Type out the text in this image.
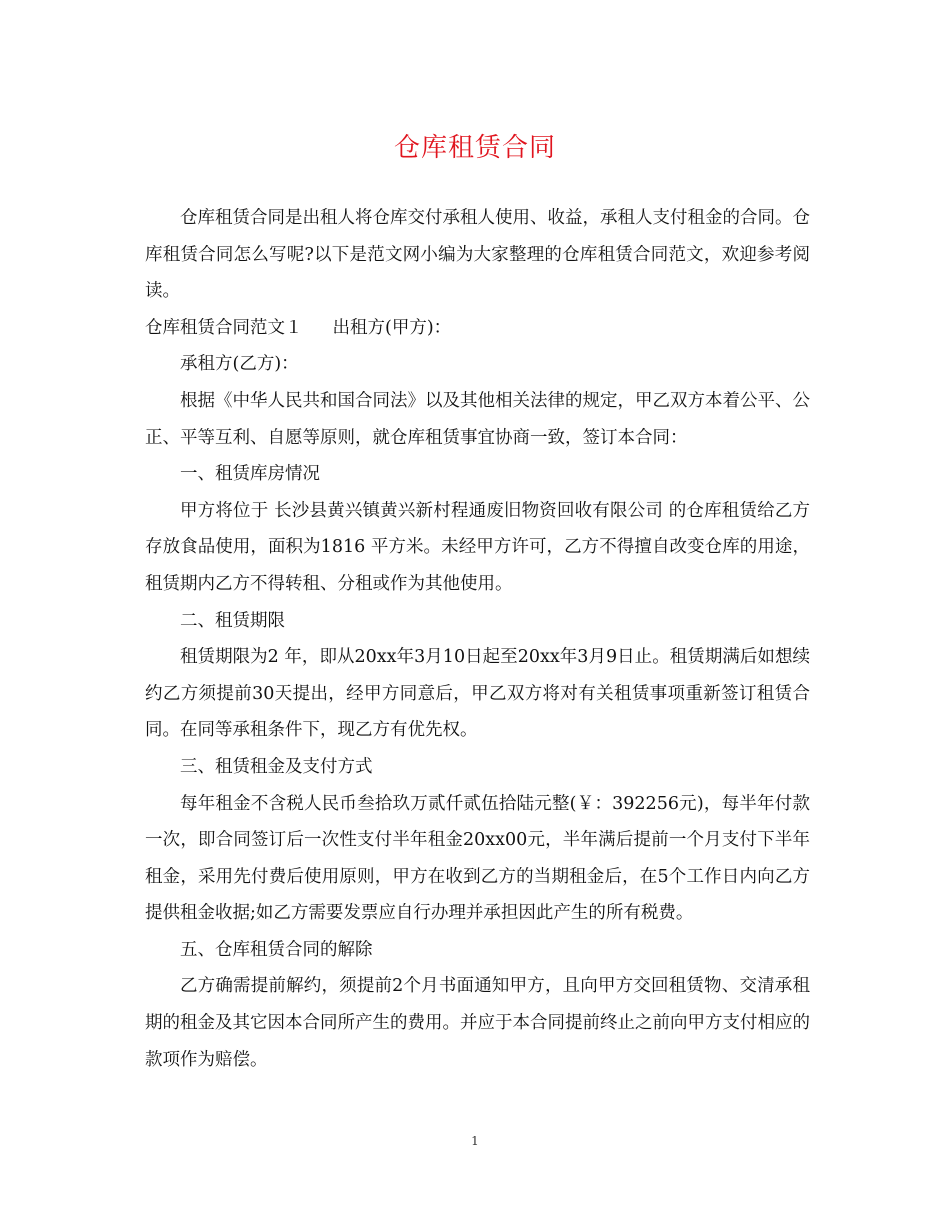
仓库租赁合同

仓库租赁合同是出租人将仓库交付承租人使用、收益，承租人支付租金的合同。仓库租赁合同怎么写呢?以下是范文网小编为大家整理的仓库租赁合同范文，欢迎参考阅读。

仓库租赁合同范文１ 出租方(甲方)：

承租方(乙方)：

根据《中华人民共和国合同法》以及其他相关法律的规定，甲乙双方本着公平、公正、平等互利、自愿等原则，就仓库租赁事宜协商一致，签订本合同：

一、租赁库房情况

甲方将位于 长沙县黄兴镇黄兴新村程通废旧物资回收有限公司 的仓库租赁给乙方存放食品使用，面积为1816 平方米。未经甲方许可，乙方不得擅自改变仓库的用途，租赁期内乙方不得转租、分租或作为其他使用。

二、租赁期限

租赁期限为2 年，即从20xx年3月10日起至20xx年3月9日止。租赁期满后如想续约乙方须提前30天提出，经甲方同意后，甲乙双方将对有关租赁事项重新签订租赁合同。在同等承租条件下，现乙方有优先权。

三、租赁租金及支付方式

每年租金不含税人民币叁拾玖万贰仟贰伍拾陆元整(￥：392256元)，每半年付款一次，即合同签订后一次性支付半年租金20xx00元，半年满后提前一个月支付下半年租金，采用先付费后使用原则，甲方在收到乙方的当期租金后，在5个工作日内向乙方提供租金收据;如乙方需要发票应自行办理并承担因此产生的所有税费。

五、仓库租赁合同的解除

乙方确需提前解约，须提前2个月书面通知甲方，且向甲方交回租赁物、交清承租期的租金及其它因本合同所产生的费用。并应于本合同提前终止之前向甲方支付相应的款项作为赔偿。

1
